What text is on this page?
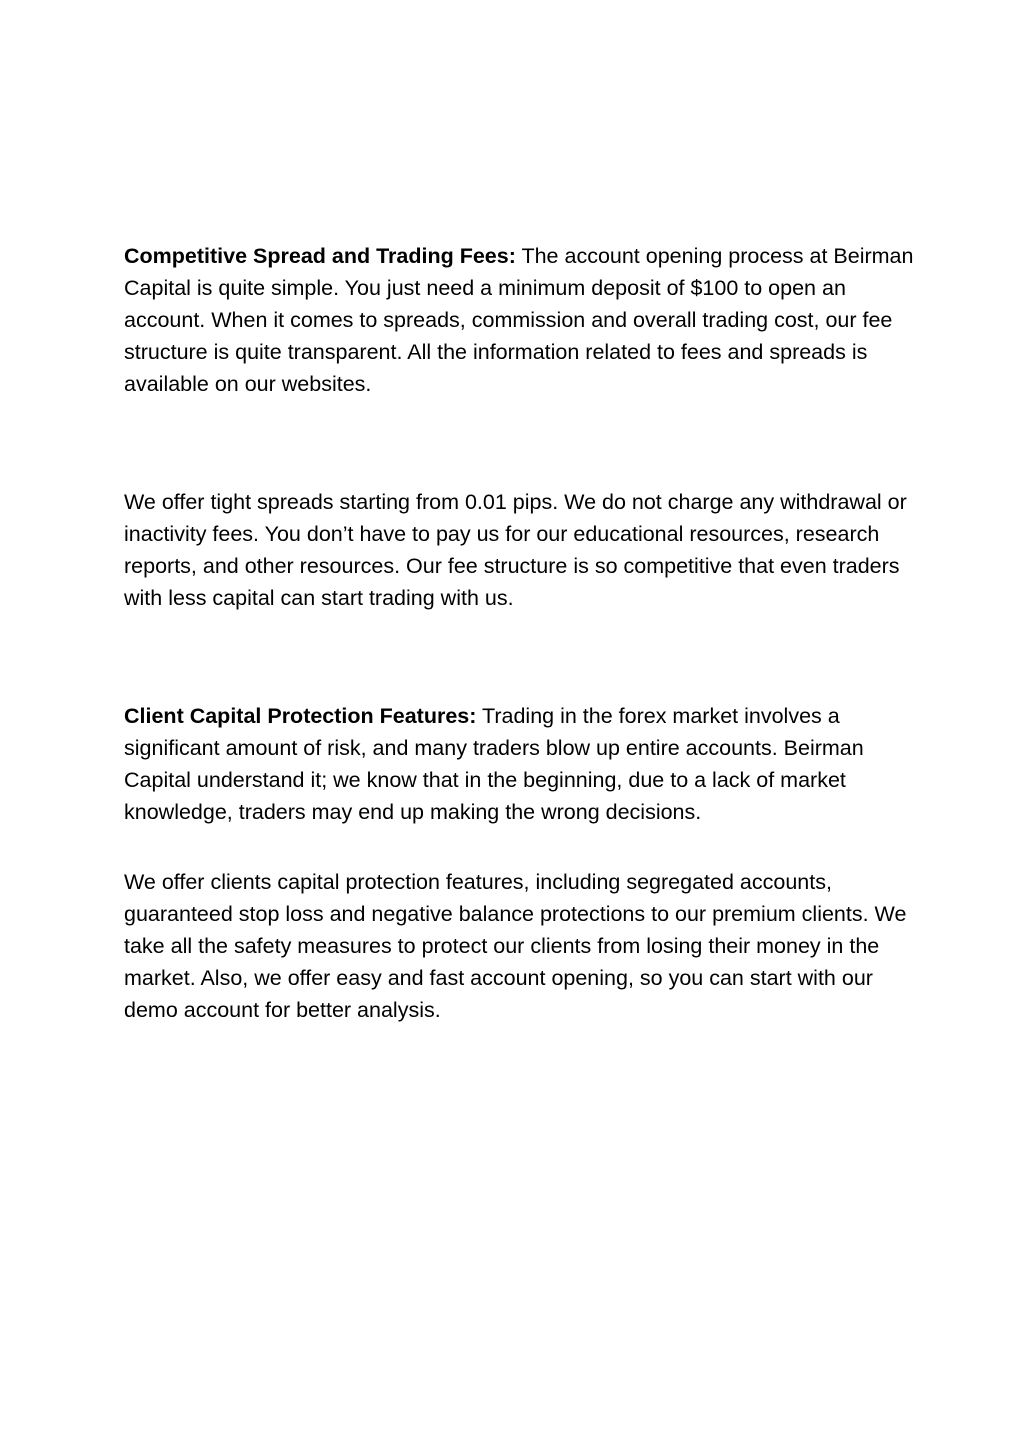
Competitive Spread and Trading Fees: The account opening process at Beirman Capital is quite simple. You just need a minimum deposit of $100 to open an account. When it comes to spreads, commission and overall trading cost, our fee structure is quite transparent. All the information related to fees and spreads is available on our websites.

We offer tight spreads starting from 0.01 pips. We do not charge any withdrawal or inactivity fees. You don’t have to pay us for our educational resources, research reports, and other resources. Our fee structure is so competitive that even traders with less capital can start trading with us.

Client Capital Protection Features: Trading in the forex market involves a significant amount of risk, and many traders blow up entire accounts. Beirman Capital understand it; we know that in the beginning, due to a lack of market knowledge, traders may end up making the wrong decisions.

We offer clients capital protection features, including segregated accounts, guaranteed stop loss and negative balance protections to our premium clients. We take all the safety measures to protect our clients from losing their money in the market. Also, we offer easy and fast account opening, so you can start with our demo account for better analysis.
